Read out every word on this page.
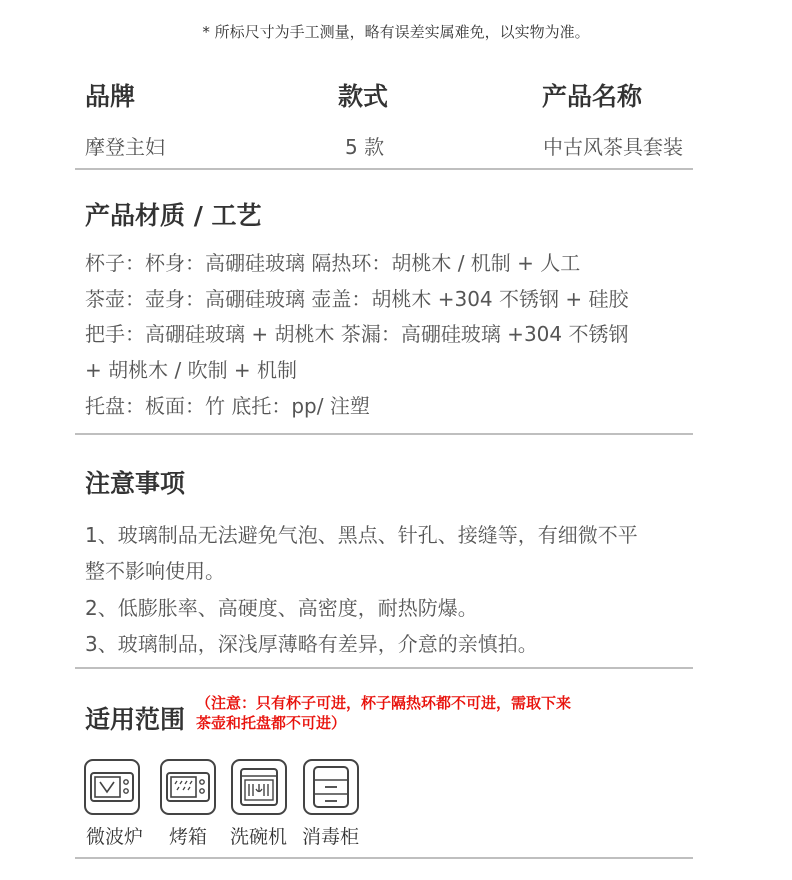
* 所标尺寸为手工测量，略有误差实属难免，以实物为准。
品牌	款式	产品名称
摩登主妇	5 款	中古风茶具套装
产品材质 / 工艺
杯子：杯身：高硼硅玻璃 隔热环：胡桃木 / 机制 + 人工
茶壶：壶身：高硼硅玻璃 壶盖：胡桃木 +304 不锈钢 + 硅胶
把手：高硼硅玻璃 + 胡桃木 茶漏：高硼硅玻璃 +304 不锈钢
+ 胡桃木 / 吹制 + 机制
托盘：板面：竹 底托：pp/ 注塑
注意事项
1、玻璃制品无法避免气泡、黑点、针孔、接缝等，有细微不平
整不影响使用。
2、低膨胀率、高硬度、高密度，耐热防爆。
3、玻璃制品，深浅厚薄略有差异，介意的亲慎拍。
适用范围
（注意：只有杯子可进，杯子隔热环都不可进，需取下来
茶壶和托盘都不可进）
微波炉 烤箱 洗碗机 消毒柜
